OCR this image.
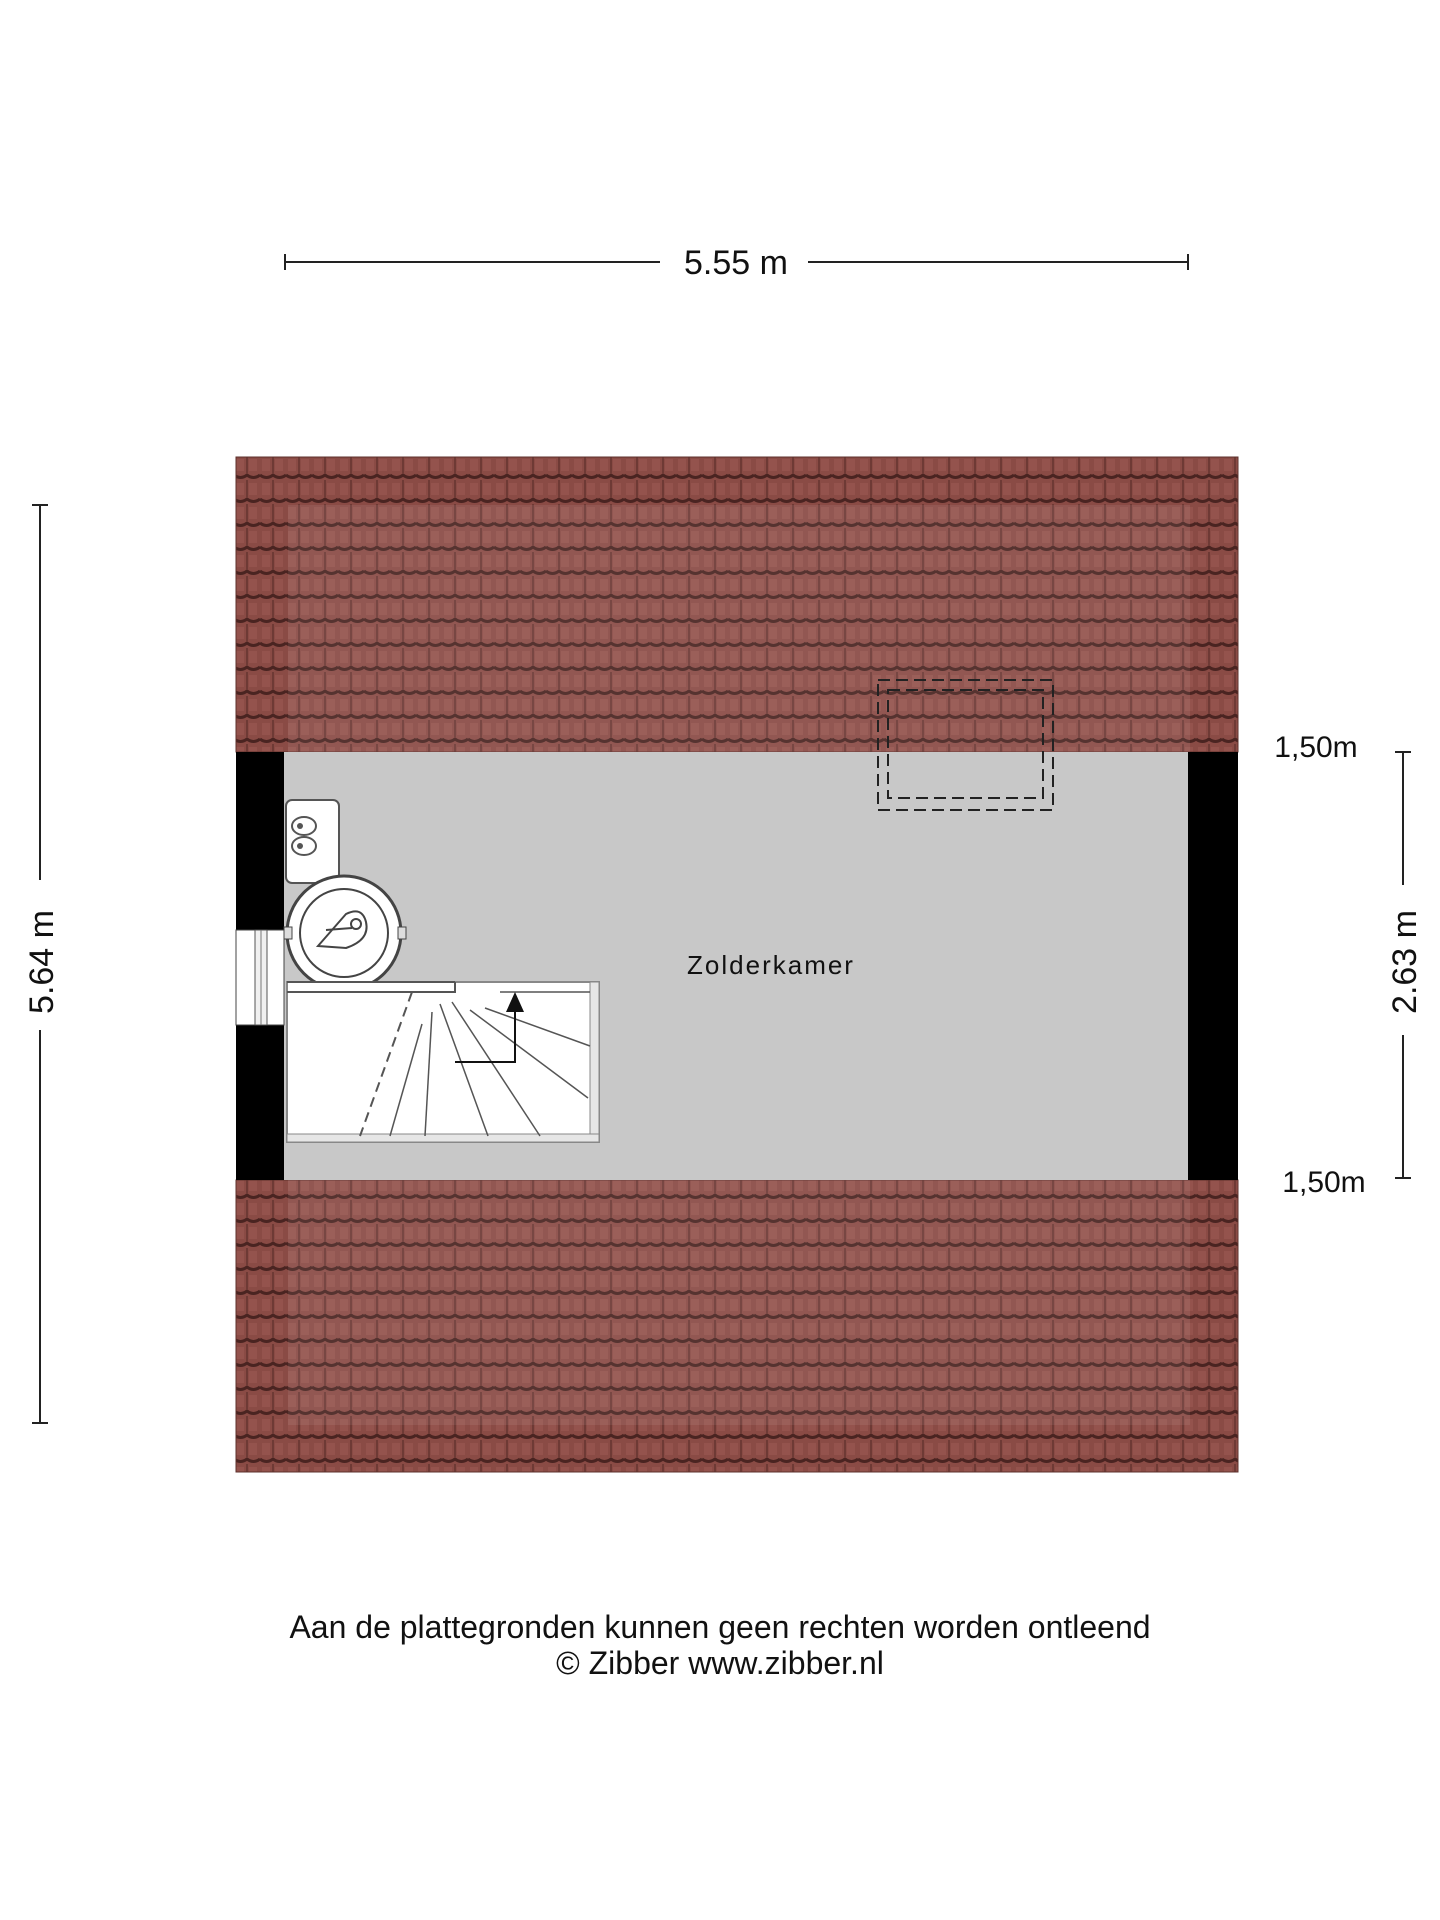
5.55 m
5.64 m	2.63 m
1,50m
1,50m
Zolderkamer
Aan de plattegronden kunnen geen rechten worden ontleend
© Zibber www.zibber.nl
